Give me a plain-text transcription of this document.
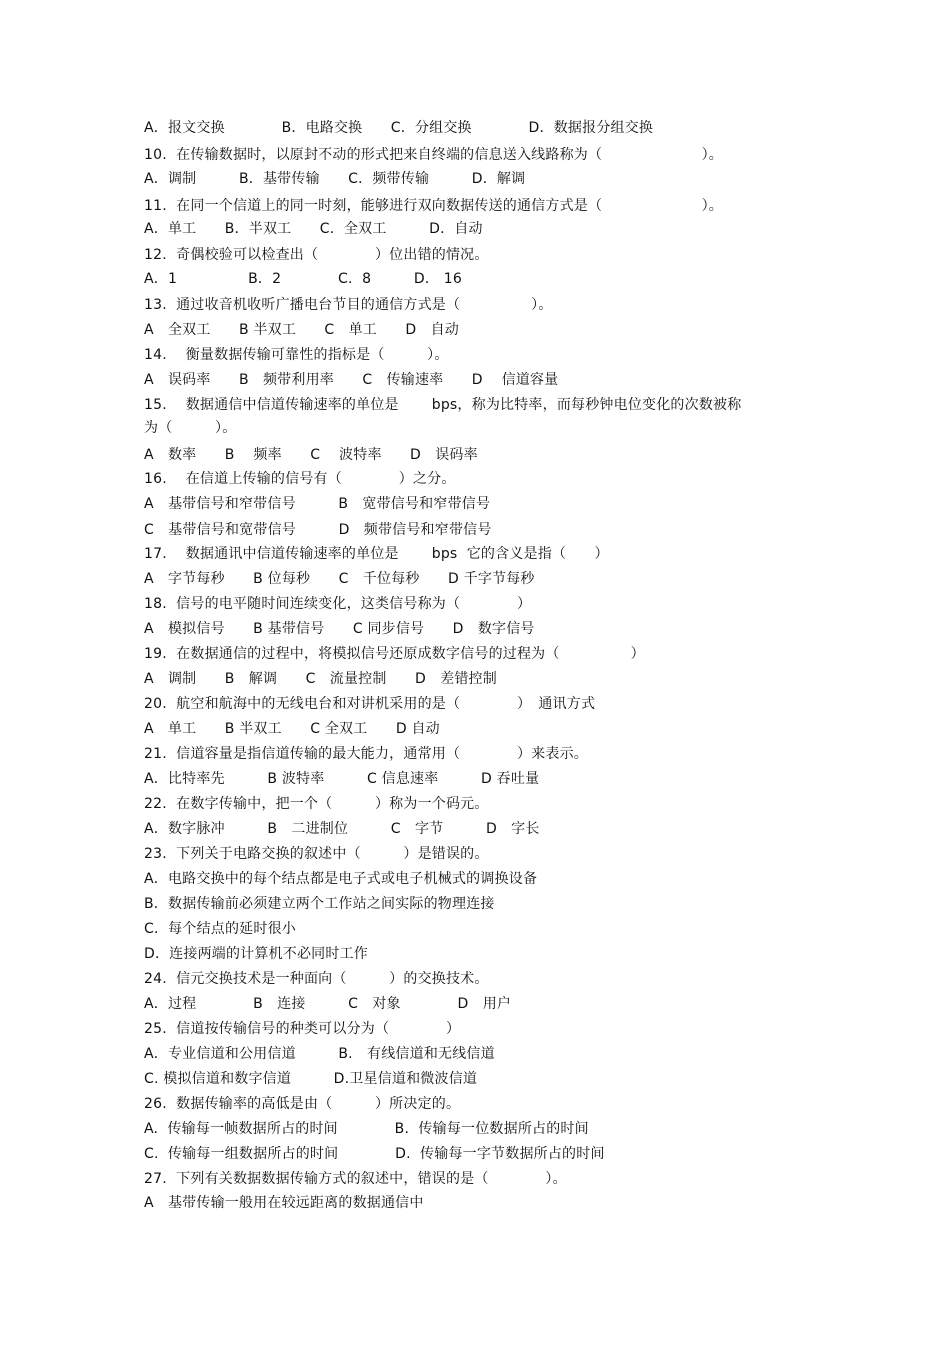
A．报文交换　　　　B．电路交换　　C．分组交换　　　　D．数据报分组交换
10.  在传输数据时，以原封不动的形式把来自终端的信息送入线路称为（　　　　　　　）。
A．调制　　　B．基带传输　　C．频带传输　　　D．解调
11.  在同一个信道上的同一时刻，能够进行双向数据传送的通信方式是（　　　　　　　）。
A．单工　　B．半双工　　C．全双工　　　D．自动
12.  奇偶校验可以检查出（　　　　）位出错的情况。
A．1　　　　　B．2　　　　C．8　　　D． 16
13.  通过收音机收听广播电台节目的通信方式是（　　　　　）。
A　全双工　　B 半双工　　C　单工　　D　自动
14.　 衡量数据传输可靠性的指标是（　　　）。
A　误码率　　B　频带利用率　　C　传输速率　　D　 信道容量
15.　 数据通信中信道传输速率的单位是　　 bps，称为比特率，而每秒钟电位变化的次数被称
为（　　　）。
A　数率　　B　 频率　　C　 波特率　　D　误码率
16.　 在信道上传输的信号有（　　　　）之分。
A　基带信号和窄带信号　　　B　宽带信号和窄带信号
C　基带信号和宽带信号　　　D　频带信号和窄带信号
17.　 数据通讯中信道传输速率的单位是　　 bps  它的含义是指（　　）
A　字节每秒　　B 位每秒　　C　千位每秒　　D 千字节每秒
18.  信号的电平随时间连续变化，这类信号称为（　　　　）
A　模拟信号　　B 基带信号　　C 同步信号　　D　数字信号
19.  在数据通信的过程中，将模拟信号还原成数字信号的过程为（　　　　　）
A　调制　　B　解调　　C　流量控制　　D　差错控制
20.  航空和航海中的无线电台和对讲机采用的是（　　　　）　通讯方式
A　单工　　B 半双工　　C 全双工　　D 自动
21.  信道容量是指信道传输的最大能力，通常用（　　　　）来表示。
A．比特率先　　　B 波特率　　　C 信息速率　　　D 吞吐量
22.  在数字传输中，把一个（　　　）称为一个码元。
A．数字脉冲　　　B　二进制位　　　C　字节　　　D　字长
23.  下列关于电路交换的叙述中（　　　）是错误的。
A．电路交换中的每个结点都是电子式或电子机械式的调换设备
B．数据传输前必须建立两个工作站之间实际的物理连接
C．每个结点的延时很小
D．连接两端的计算机不必同时工作
24.  信元交换技术是一种面向（　　　）的交换技术。
A．过程　　　　B　连接　　　C　对象　　　　D　用户
25.  信道按传输信号的种类可以分为（　　　　）
A．专业信道和公用信道　　　B.　有线信道和无线信道
C. 模拟信道和数字信道　　　D.卫星信道和微波信道
26.  数据传输率的高低是由（　　　）所决定的。
A.  传输每一帧数据所占的时间　　　　B.  传输每一位数据所占的时间
C.  传输每一组数据所占的时间　　　　D.  传输每一字节数据所占的时间
27.  下列有关数据数据传输方式的叙述中，错误的是（　　　　）。
A　基带传输一般用在较远距离的数据通信中
